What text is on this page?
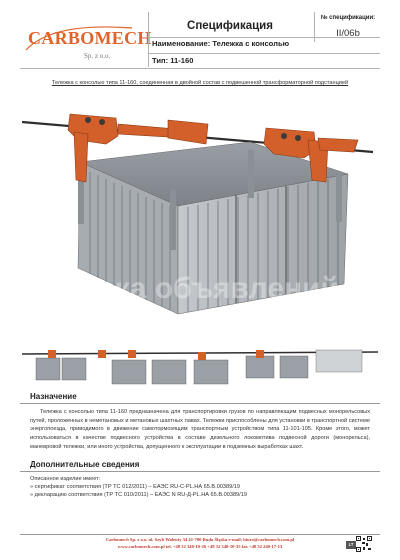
CARBOMECH
Sp. z o.o.
Спецификация
№ спецификации:
II/06b
Наименование: Тележка с консолью
Тип: 11-160
Тележка с консолью типа 11-160, соединенная в двойной состав с подвешенной трансформаторной подстанцией
доска объявлений
Назначение

Тележка с консолью типа 11-160 предназначена для транспортировки грузов по направляющим подвесных монорельсовых путей, проложенных в неметановых и метановых шахтных лавах. Тележки приспособлены для установки в транспортной системе энергопоезда, приводимого в движение самотормозящим транспортным устройством типа 11-101-105. Кроме этого, может использоваться в качестве подвесного устройства в составе дизельного локомотива подвесной дороги (монорельса), маневровой тележки, или иного устройства, допущенного к эксплуатации в подземных выработках шахт.

Дополнительные сведения
Описанное изделие имеет:
» сертификат соответствия (ТР ТС 012/2011) – ЕАЭС RU-C-PL.НА 65.В.00389/19
» декларацию соответствия (ТР ТС 010/2011) – ЕАЭС N RU-Д-PL.НА 65.В.00389/19
Carbomech Sp. z o.o. ul. Szyb Walenty 34 41-700 Ruda Śląska e-mail: biuro@carbomech.com.pl
www.carbomech.com.pl tel. +48 32 340-10-26 +48 32 340-10-35 fax +48 32 240-17-13	LT
